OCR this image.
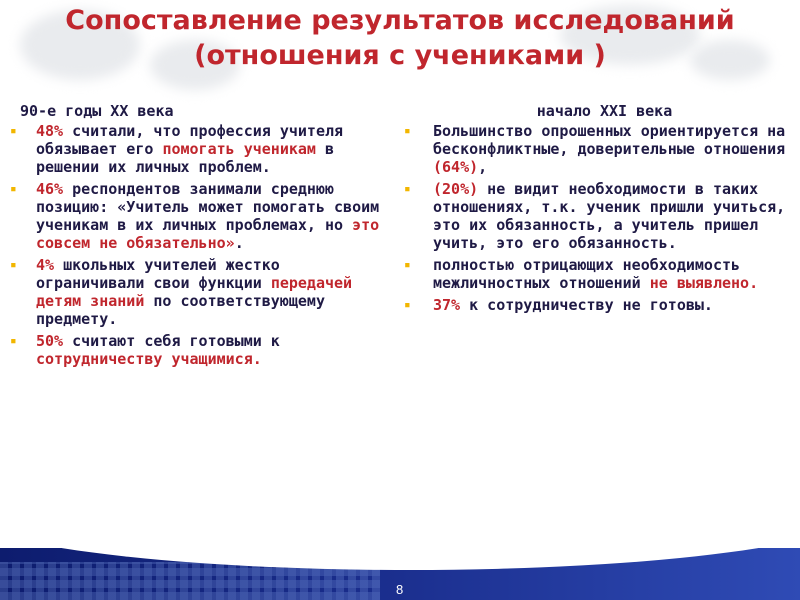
Сопоставление результатов исследований
(отношения с учениками )
90-е годы XX века
▪ 48% считали, что профессия учителя обязывает его помогать ученикам в решении их личных проблем.
▪ 46% респондентов занимали среднюю позицию: «Учитель может помогать своим ученикам в их личных проблемах, но это совсем не обязательно».
▪ 4% школьных учителей жестко ограничивали свои функции передачей детям знаний по соответствующему предмету.
▪ 50% считают себя готовыми к сотрудничеству учащимися.
начало XXI века
▪ Большинство опрошенных ориентируется на бесконфликтные, доверительные отношения (64%),
▪ (20%) не видит необходимости в таких отношениях, т.к. ученик пришли учиться, это их обязанность, а учитель пришел учить, это его обязанность.
▪ полностью отрицающих необходимость межличностных отношений не выявлено.
▪ 37% к сотрудничеству не готовы.
8
